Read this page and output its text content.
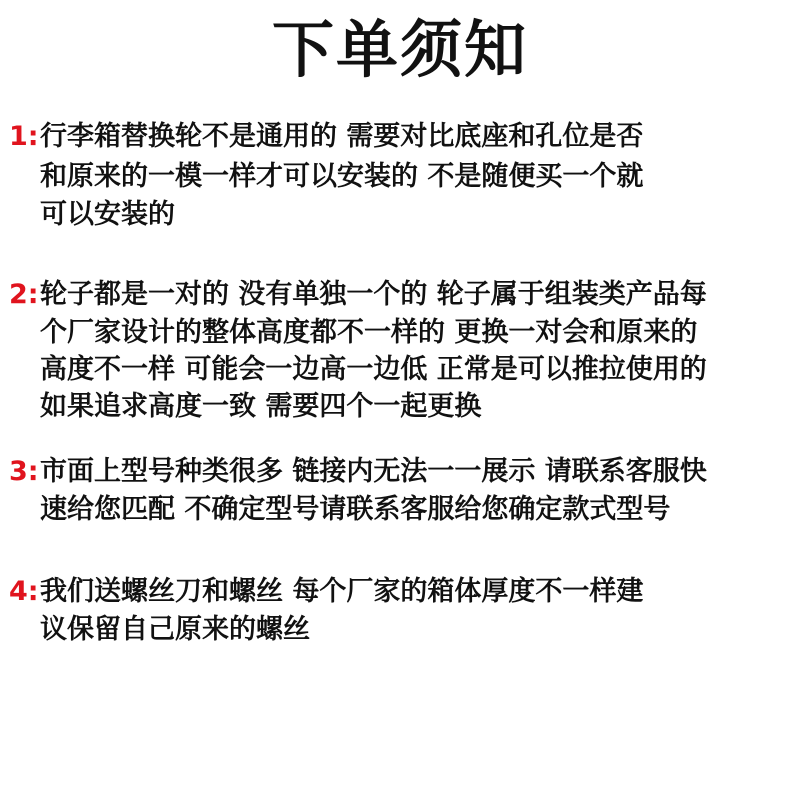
下单须知
1: 行李箱替换轮不是通用的 需要对比底座和孔位是否
和原来的一模一样才可以安装的 不是随便买一个就
可以安装的
2: 轮子都是一对的 没有单独一个的 轮子属于组装类产品每
个厂家设计的整体高度都不一样的 更换一对会和原来的
高度不一样 可能会一边高一边低 正常是可以推拉使用的
如果追求高度一致 需要四个一起更换
3: 市面上型号种类很多 链接内无法一一展示 请联系客服快
速给您匹配 不确定型号请联系客服给您确定款式型号
4: 我们送螺丝刀和螺丝 每个厂家的箱体厚度不一样建
议保留自己原来的螺丝
